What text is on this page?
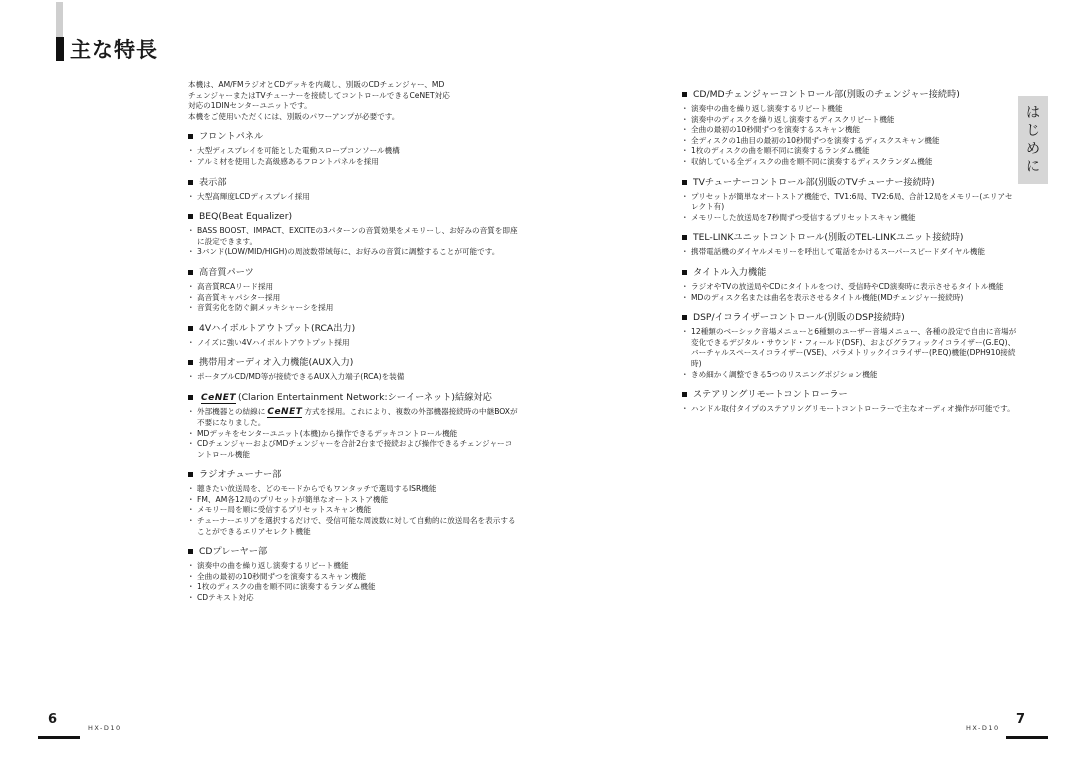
主な特長

本機は、AM/FMラジオとCDデッキを内蔵し、別販のCDチェンジャー、MD

チェンジャーまたはTVチューナーを接続してコントロールできるCeNET対応

対応の1DINセンターユニットです。

本機をご使用いただくには、別販のパワーアンプが必要です。

フロントパネル
・ 大型ディスプレイを可能とした電動スロープコンソール機構
・ アルミ材を使用した高級感あるフロントパネルを採用
表示部
・ 大型高輝度LCDディスプレイ採用
BEQ(Beat Equalizer)
・ BASS BOOST、IMPACT、EXCITEの3パターンの音質効果をメモリーし、お好みの音質を即座に設定できます。
・ 3バンド(LOW/MID/HIGH)の周波数帯域毎に、お好みの音質に調整することが可能です。
高音質パーツ
・ 高音質RCAリード採用
・ 高音質キャパシター採用
・ 音質劣化を防ぐ銅メッキシャーシを採用
4Vハイボルトアウトプット(RCA出力)
・ ノイズに強い4Vハイボルトアウトプット採用
携帯用オーディオ入力機能(AUX入力)
・ ポータブルCD/MD等が接続できるAUX入力端子(RCA)を装備
CeNET (Clarion Entertainment Network:シーイーネット)結線対応
・ 外部機器との結線に CeNET 方式を採用。これにより、複数の外部機器接続時の中継BOXが不要になりました。
・ MDデッキをセンターユニット(本機)から操作できるデッキコントロール機能
・ CDチェンジャーおよびMDチェンジャーを合計2台まで接続および操作できるチェンジャーコントロール機能
ラジオチューナー部
・ 聴きたい放送局を、どのモードからでもワンタッチで選局するISR機能
・ FM、AM各12局のプリセットが簡単なオートストア機能
・ メモリー局を順に受信するプリセットスキャン機能
・ チューナーエリアを選択するだけで、受信可能な周波数に対して自動的に放送局名を表示することができるエリアセレクト機能
CDプレーヤー部
・ 演奏中の曲を繰り返し演奏するリピート機能
・ 全曲の最初の10秒間ずつを演奏するスキャン機能
・ 1枚のディスクの曲を順不同に演奏するランダム機能
・ CDテキスト対応
CD/MDチェンジャーコントロール部(別販のチェンジャー接続時)
・ 演奏中の曲を繰り返し演奏するリピート機能
・ 演奏中のディスクを繰り返し演奏するディスクリピート機能
・ 全曲の最初の10秒間ずつを演奏するスキャン機能
・ 全ディスクの1曲目の最初の10秒間ずつを演奏するディスクスキャン機能
・ 1枚のディスクの曲を順不同に演奏するランダム機能
・ 収納している全ディスクの曲を順不同に演奏するディスクランダム機能
TVチューナーコントロール部(別販のTVチューナー接続時)
・ プリセットが簡単なオートストア機能で、TV1:6局、TV2:6局、合計12局をメモリー(エリアセレクト有)
・ メモリーした放送局を7秒間ずつ受信するプリセットスキャン機能
TEL-LINKユニットコントロール(別販のTEL-LINKユニット接続時)
・ 携帯電話機のダイヤルメモリーを呼出して電話をかけるスーパースピードダイヤル機能
タイトル入力機能
・ ラジオやTVの放送局やCDにタイトルをつけ、受信時やCD演奏時に表示させるタイトル機能
・ MDのディスク名または曲名を表示させるタイトル機能(MDチェンジャー接続時)
DSP/イコライザーコントロール(別販のDSP接続時)
・ 12種類のベーシック音場メニューと6種類のユーザー音場メニュー、各種の設定で自由に音場が変化できるデジタル・サウンド・フィールド(DSF)、およびグラフィックイコライザー(G.EQ)、バーチャルスペースイコライザー(VSE)、パラメトリックイコライザー(P.EQ)機能(DPH910接続時)
・ きめ細かく調整できる5つのリスニングポジション機能
ステアリングリモートコントローラー
・ ハンドル取付タイプのステアリングリモートコントローラーで主なオーディオ操作が可能です。
は
じ
め
に
6
HX-D10
7
HX-D10
